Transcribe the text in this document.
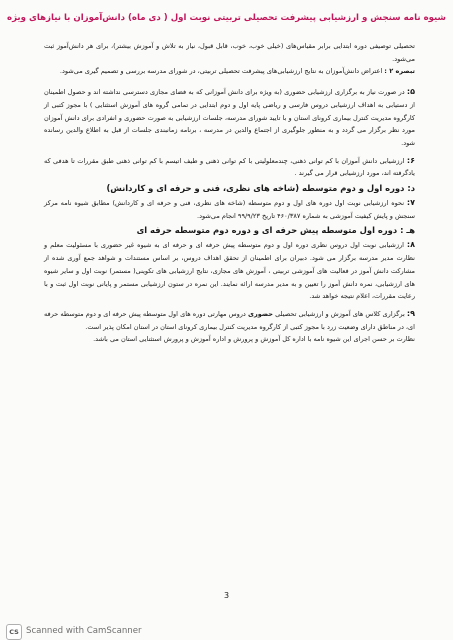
شیوه نامه سنجش و ارزشیابی پیشرفت تحصیلی تربیتی نوبت اول ( دی ماه) دانش‌آموزان با نیازهای ویژه

تحصیلی توصیفی دوره ابتدایی برابر مقیاس‌های (خیلی خوب، خوب، قابل قبول، نیاز به تلاش و آموزش بیشتر)، برای هر دانش‌آموز ثبت می‌شود.

تبصره ۲ : اعتراض دانش‌آموزان به نتایج ارزشیابی‌های پیشرفت تحصیلی تربیتی، در شورای مدرسه بررسی و تصمیم گیری می‌شود.

۵: در صورت نیاز به برگزاری ارزشیابی حضوری (به ویژه برای دانش آموزانی که به فضای مجازی دسترسی نداشته اند و حصول اطمینان از دستیابی به اهداف ارزشیابی دروس فارسی و ریاضی پایه اول و دوم ابتدایی در تمامی گروه های آموزش استثنایی ) با مجوز کتبی از کارگروه مدیریت کنترل بیماری کرونای استان و با تایید شورای مدرسه، جلسات ارزشیابی به صورت حضوری و انفرادی برای دانش آموزان مورد نظر برگزار می گردد و به منظور جلوگیری از اجتماع والدین در مدرسه ، برنامه زمانبندی جلسات از قبل به اطلاع والدین رسانده شود.

۶: ارزشیابی دانش آموزان با کم توانی ذهنی، چندمعلولیتی با کم توانی ذهنی و طیف اتیسم با کم توانی ذهنی طبق مقررات تا هدفی که یادگرفته اند، مورد ارزشیابی قرار می گیرند .

د: دوره اول و دوم متوسطه (شاخه های نظری، فنی و حرفه ای و کاردانش)

۷: نحوه ارزشیابی نوبت اول دوره های اول و دوم متوسطه (شاخه های نظری، فنی و حرفه ای و کاردانش) مطابق شیوه نامه مرکز سنجش و پایش کیفیت آموزشی به شماره ۴۶۰/۳۸۷ تاریخ ۹۹/۹/۲۳ انجام می‌شود.

هـ : دوره اول متوسطه پیش حرفه ای و دوره دوم متوسطه حرفه ای

۸: ارزشیابی نوبت اول دروس نظری دوره اول و دوم متوسطه پیش حرفه ای و حرفه ای به شیوه غیر حضوری با مسئولیت معلم و نظارت مدیر مدرسه برگزار می شود. دبیران برای اطمینان از تحقق اهداف دروس، بر اساس مستندات و شواهد جمع آوری شده از مشارکت دانش آموز در فعالیت های آموزشی تربیتی ، آموزش های مجازی، نتایج ارزشیابی های تکوینی( مستمر) نوبت اول و سایر شیوه های ارزشیابی، نمره دانش آموز را تعیین و به مدیر مدرسه ارائه نمایند. این نمره در ستون ارزشیابی مستمر و پایانی نوبت اول ثبت و با رعایت مقررات، اعلام نتیجه خواهد شد.

۹: برگزاری کلاس های آموزش و ارزشیابی تحصیلی حضوری دروس مهارتی دوره های اول متوسطه پیش حرفه ای و دوم متوسطه حرفه ای، در مناطق دارای وضعیت زرد با مجوز کتبی از کارگروه مدیریت کنترل بیماری کرونای استان در استان امکان پذیر است.

نظارت بر حسن اجرای این شیوه نامه با اداره کل آموزش و پرورش و اداره آموزش و پرورش استثنایی استان می باشد.

3
CS Scanned with CamScanner
